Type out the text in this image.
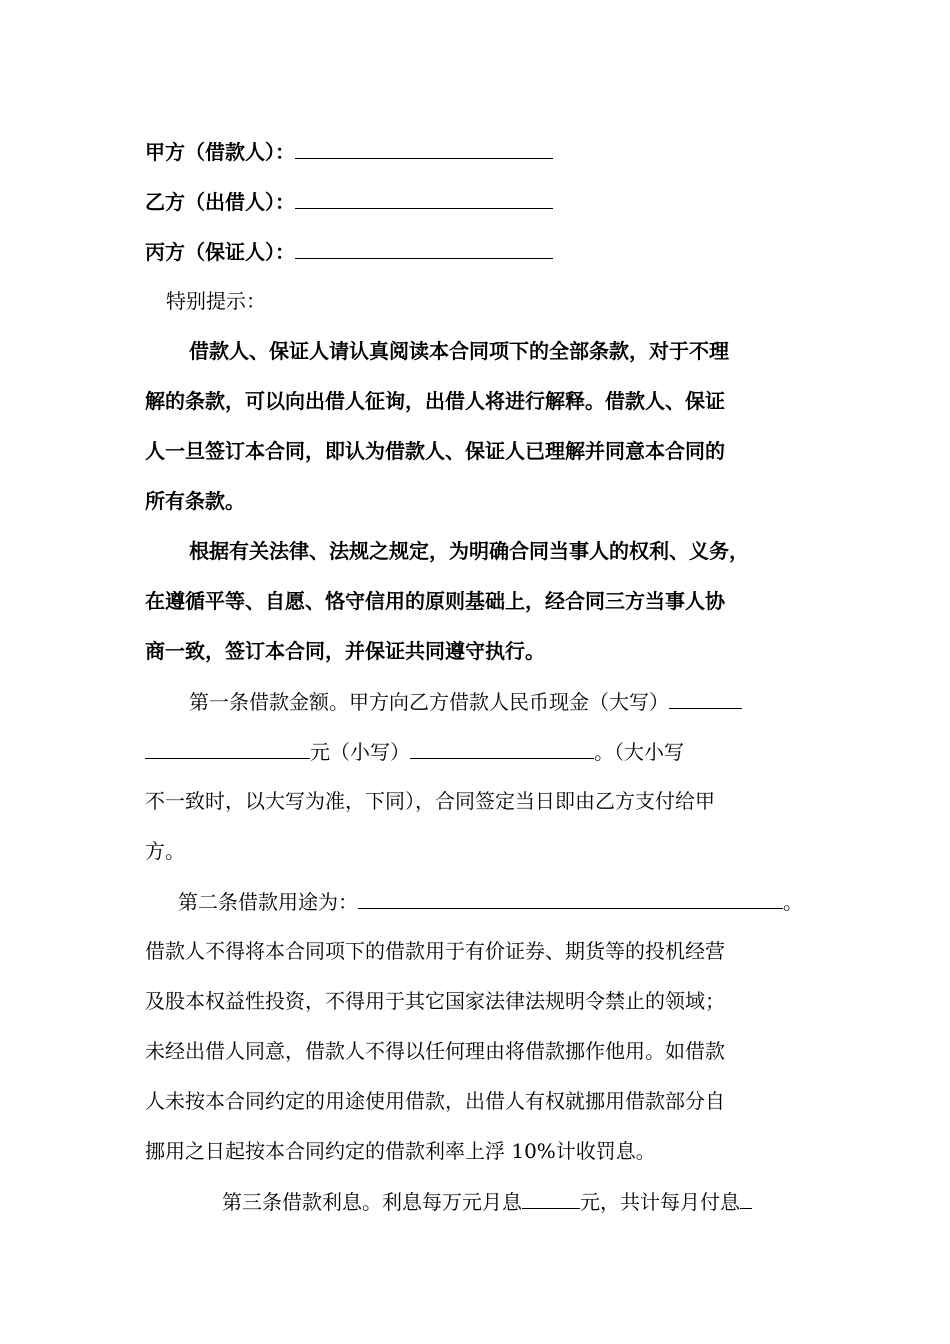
甲方（借款人）：
乙方（出借人）：
丙方（保证人）：
特别提示：
借款人、保证人请认真阅读本合同项下的全部条款，对于不理
解的条款，可以向出借人征询，出借人将进行解释。借款人、保证
人一旦签订本合同，即认为借款人、保证人已理解并同意本合同的
所有条款。
根据有关法律、法规之规定，为明确合同当事人的权利、义务，
在遵循平等、自愿、恪守信用的原则基础上，经合同三方当事人协
商一致，签订本合同，并保证共同遵守执行。
第一条借款金额。甲方向乙方借款人民币现金（大写）
元（小写）	。（大小写
不一致时，以大写为准，下同），合同签定当日即由乙方支付给甲
方。
第二条借款用途为：	。
借款人不得将本合同项下的借款用于有价证券、期货等的投机经营
及股本权益性投资，不得用于其它国家法律法规明令禁止的领域；
未经出借人同意，借款人不得以任何理由将借款挪作他用。如借款
人未按本合同约定的用途使用借款，出借人有权就挪用借款部分自
挪用之日起按本合同约定的借款利率上浮 10%计收罚息。
第三条借款利息。利息每万元月息	元，共计每月付息
